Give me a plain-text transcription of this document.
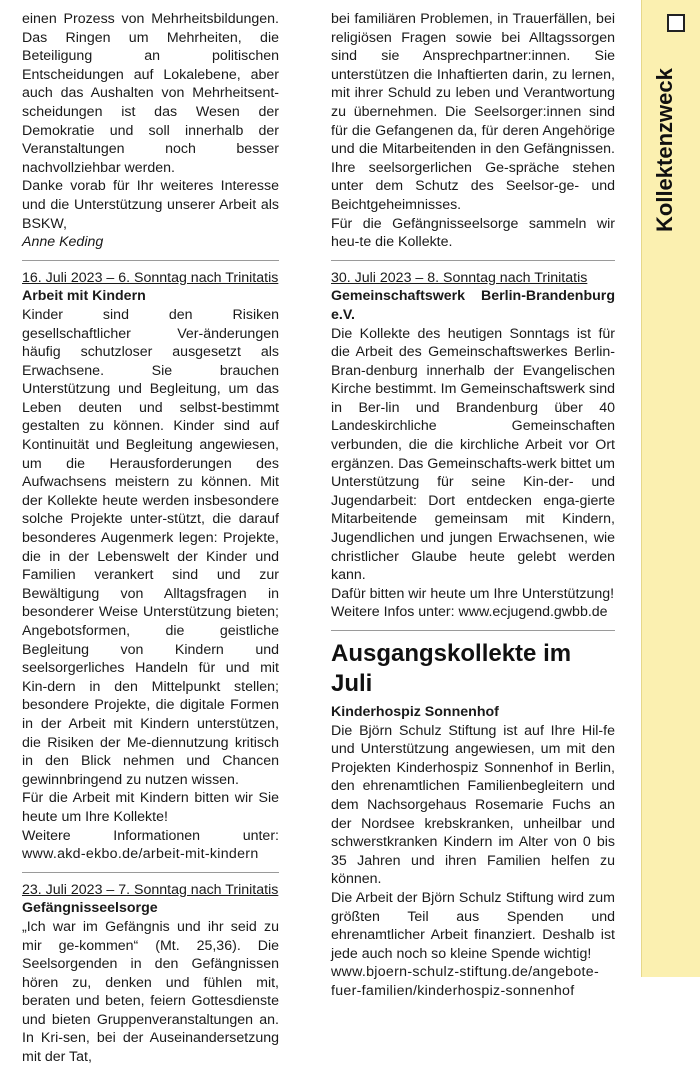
einen Prozess von Mehrheitsbildungen. Das Ringen um Mehrheiten, die Beteiligung an politischen Entscheidungen auf Lokalebene, aber auch das Aushalten von Mehrheitsent-scheidungen ist das Wesen der Demokratie und soll innerhalb der Veranstaltungen noch besser nachvollziehbar werden.

Danke vorab für Ihr weiteres Interesse und die Unterstützung unserer Arbeit als BSKW,

Anne Keding

16. Juli 2023 – 6. Sonntag nach Trinitatis

Arbeit mit Kindern

Kinder sind den Risiken gesellschaftlicher Ver-änderungen häufig schutzloser ausgesetzt als Erwachsene. Sie brauchen Unterstützung und Begleitung, um das Leben deuten und selbst-bestimmt gestalten zu können. Kinder sind auf Kontinuität und Begleitung angewiesen, um die Herausforderungen des Aufwachsens meistern zu können. Mit der Kollekte heute werden insbesondere solche Projekte unter-stützt, die darauf besonderes Augenmerk legen: Projekte, die in der Lebenswelt der Kinder und Familien verankert sind und zur Bewältigung von Alltagsfragen in besonderer Weise Unterstützung bieten; Angebotsformen, die geistliche Begleitung von Kindern und seelsorgerliches Handeln für und mit Kin-dern in den Mittelpunkt stellen; besondere Projekte, die digitale Formen in der Arbeit mit Kindern unterstützen, die Risiken der Me-diennutzung kritisch in den Blick nehmen und Chancen gewinnbringend zu nutzen wissen.

Für die Arbeit mit Kindern bitten wir Sie heute um Ihre Kollekte!

Weitere	Informationen	unter:

www.akd-ekbo.de/arbeit-mit-kindern

23. Juli 2023 – 7. Sonntag nach Trinitatis

Gefängnisseelsorge

„Ich war im Gefängnis und ihr seid zu mir ge-kommen“ (Mt. 25,36). Die Seelsorgenden in den Gefängnissen hören zu, denken und fühlen mit, beraten und beten, feiern Gottesdienste und bieten Gruppenveranstaltungen an. In Kri-sen, bei der Auseinandersetzung mit der Tat,

bei familiären Problemen, in Trauerfällen, bei religiösen Fragen sowie bei Alltagssorgen sind sie Ansprechpartner:innen. Sie unterstützen die Inhaftierten darin, zu lernen, mit ihrer Schuld zu leben und Verantwortung zu übernehmen. Die Seelsorger:innen sind für die Gefangenen da, für deren Angehörige und die Mitarbeitenden in den Gefängnissen. Ihre seelsorgerlichen Ge-spräche stehen unter dem Schutz des Seelsor-ge- und Beichtgeheimnisses.

Für die Gefängnisseelsorge sammeln wir heu-te die Kollekte.

30. Juli 2023 – 8. Sonntag nach Trinitatis

Gemeinschaftswerk Berlin-Brandenburg e.V.

Die Kollekte des heutigen Sonntags ist für die Arbeit des Gemeinschaftswerkes Berlin-Bran-denburg innerhalb der Evangelischen Kirche bestimmt. Im Gemeinschaftswerk sind in Ber-lin und Brandenburg über 40 Landeskirchliche Gemeinschaften verbunden, die die kirchliche Arbeit vor Ort ergänzen. Das Gemeinschafts-werk bittet um Unterstützung für seine Kin-der- und Jugendarbeit: Dort entdecken enga-gierte Mitarbeitende gemeinsam mit Kindern, Jugendlichen und jungen Erwachsenen, wie christlicher Glaube heute gelebt werden kann.

Dafür bitten wir heute um Ihre Unterstützung!

Weitere Infos unter: www.ecjugend.gwbb.de

Ausgangskollekte im Juli

Kinderhospiz Sonnenhof

Die Björn Schulz Stiftung ist auf Ihre Hil-fe und Unterstützung angewiesen, um mit den Projekten Kinderhospiz Sonnenhof in Berlin, den ehrenamtlichen Familienbegleitern und dem Nachsorgehaus Rosemarie Fuchs an der Nordsee krebskranken, unheilbar und schwerstkranken Kindern im Alter von 0 bis 35 Jahren und ihren Familien helfen zu können.

Die Arbeit der Björn Schulz Stiftung wird zum größten Teil aus Spenden und ehrenamtlicher Arbeit finanziert. Deshalb ist jede auch noch so kleine Spende wichtig!

www.bjoern-schulz-stiftung.de/angebote-

fuer-familien/kinderhospiz-sonnenhof

Kollektenzweck
